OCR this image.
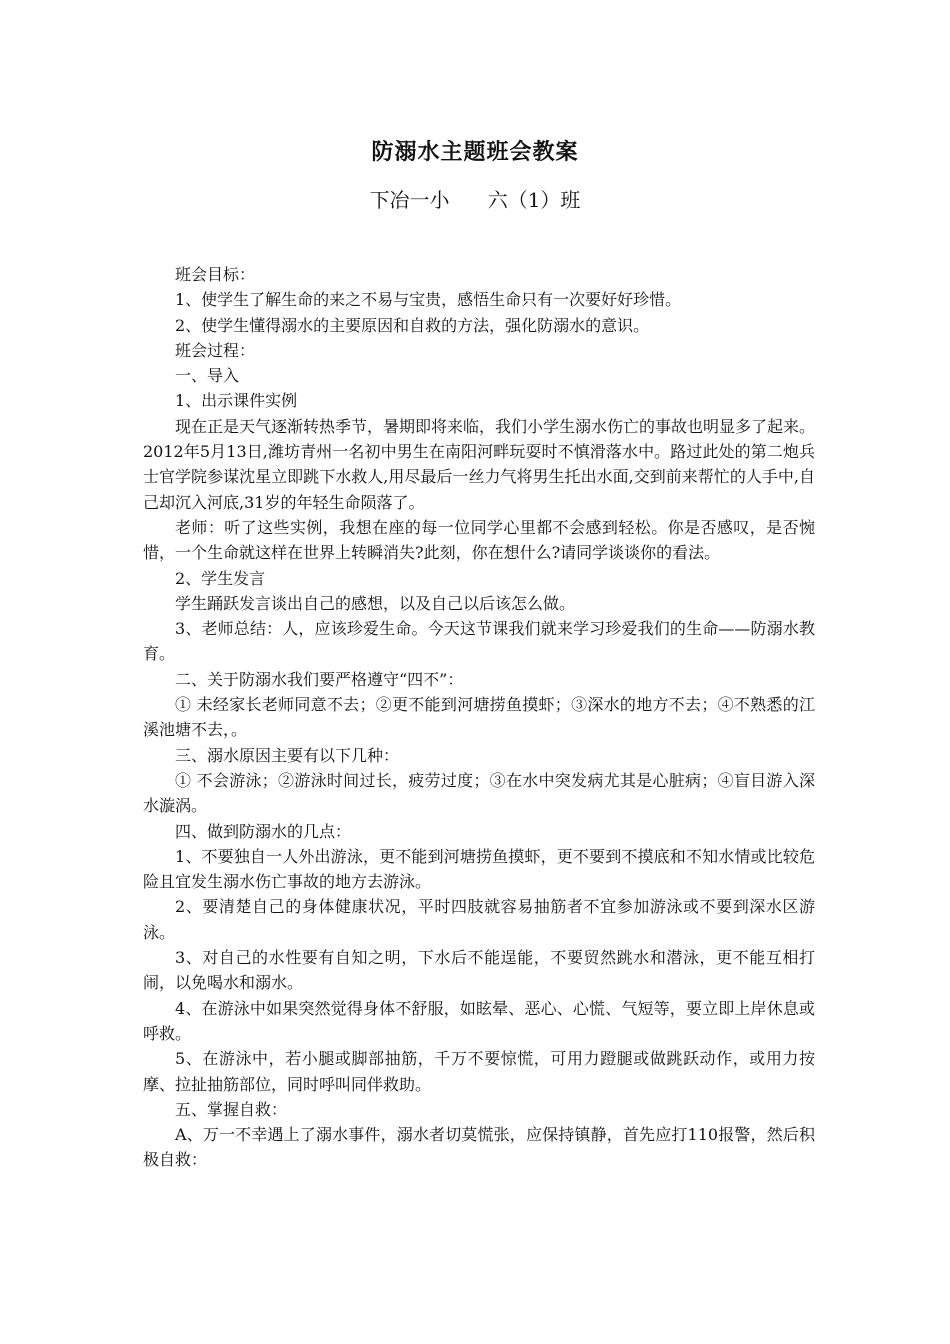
防溺水主题班会教案
下冶一小      六（1）班

班会目标：

1、使学生了解生命的来之不易与宝贵，感悟生命只有一次要好好珍惜。

2、使学生懂得溺水的主要原因和自救的方法，强化防溺水的意识。

班会过程：

一、导入

1、出示课件实例

现在正是天气逐渐转热季节，暑期即将来临，我们小学生溺水伤亡的事故也明显多了起来。2012年5月13日,潍坊青州一名初中男生在南阳河畔玩耍时不慎滑落水中。路过此处的第二炮兵士官学院参谋沈星立即跳下水救人,用尽最后一丝力气将男生托出水面,交到前来帮忙的人手中,自己却沉入河底,31岁的年轻生命陨落了。

老师：听了这些实例，我想在座的每一位同学心里都不会感到轻松。你是否感叹，是否惋惜，一个生命就这样在世界上转瞬消失?此刻，你在想什么?请同学谈谈你的看法。

2、学生发言

学生踊跃发言谈出自己的感想，以及自己以后该怎么做。

3、老师总结：人，应该珍爱生命。今天这节课我们就来学习珍爱我们的生命——防溺水教育。

二、关于防溺水我们要严格遵守“四不”：

① 未经家长老师同意不去；②更不能到河塘捞鱼摸虾；③深水的地方不去；④不熟悉的江溪池塘不去，。

三、溺水原因主要有以下几种：

① 不会游泳；②游泳时间过长，疲劳过度；③在水中突发病尤其是心脏病；④盲目游入深水漩涡。

四、做到防溺水的几点：

1、不要独自一人外出游泳，更不能到河塘捞鱼摸虾，更不要到不摸底和不知水情或比较危险且宜发生溺水伤亡事故的地方去游泳。

2、要清楚自己的身体健康状况，平时四肢就容易抽筋者不宜参加游泳或不要到深水区游泳。

3、对自己的水性要有自知之明，下水后不能逞能，不要贸然跳水和潜泳，更不能互相打闹，以免喝水和溺水。

4、在游泳中如果突然觉得身体不舒服，如眩晕、恶心、心慌、气短等，要立即上岸休息或呼救。

5、在游泳中，若小腿或脚部抽筋，千万不要惊慌，可用力蹬腿或做跳跃动作，或用力按摩、拉扯抽筋部位，同时呼叫同伴救助。

五、掌握自救：

A、万一不幸遇上了溺水事件，溺水者切莫慌张，应保持镇静，首先应打110报警，然后积极自救：
